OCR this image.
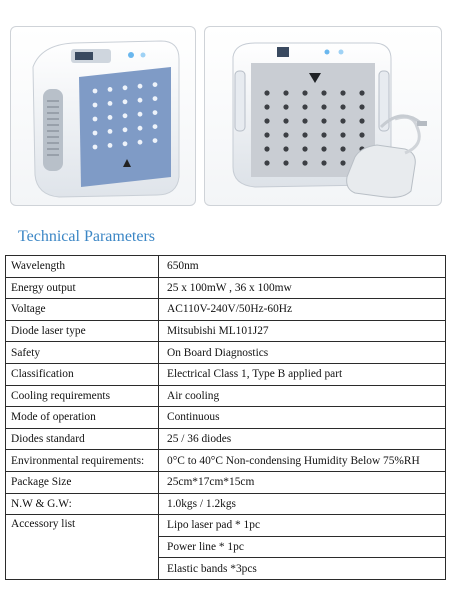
Technical Parameters
Wavelength	650nm
Energy output	25 x 100mW , 36 x 100mw
Voltage	AC110V-240V/50Hz-60Hz
Diode laser type	Mitsubishi ML101J27
Safety	On Board Diagnostics
Classification	Electrical Class 1, Type B applied part
Cooling requirements	Air cooling
Mode of operation	Continuous
Diodes standard	25 / 36 diodes
Environmental requirements:	0°C to 40°C Non-condensing Humidity Below 75%RH
Package Size	25cm*17cm*15cm
N.W & G.W:	1.0kgs / 1.2kgs
Accessory list	Lipo laser pad * 1pc
	Power line * 1pc
	Elastic bands *3pcs
